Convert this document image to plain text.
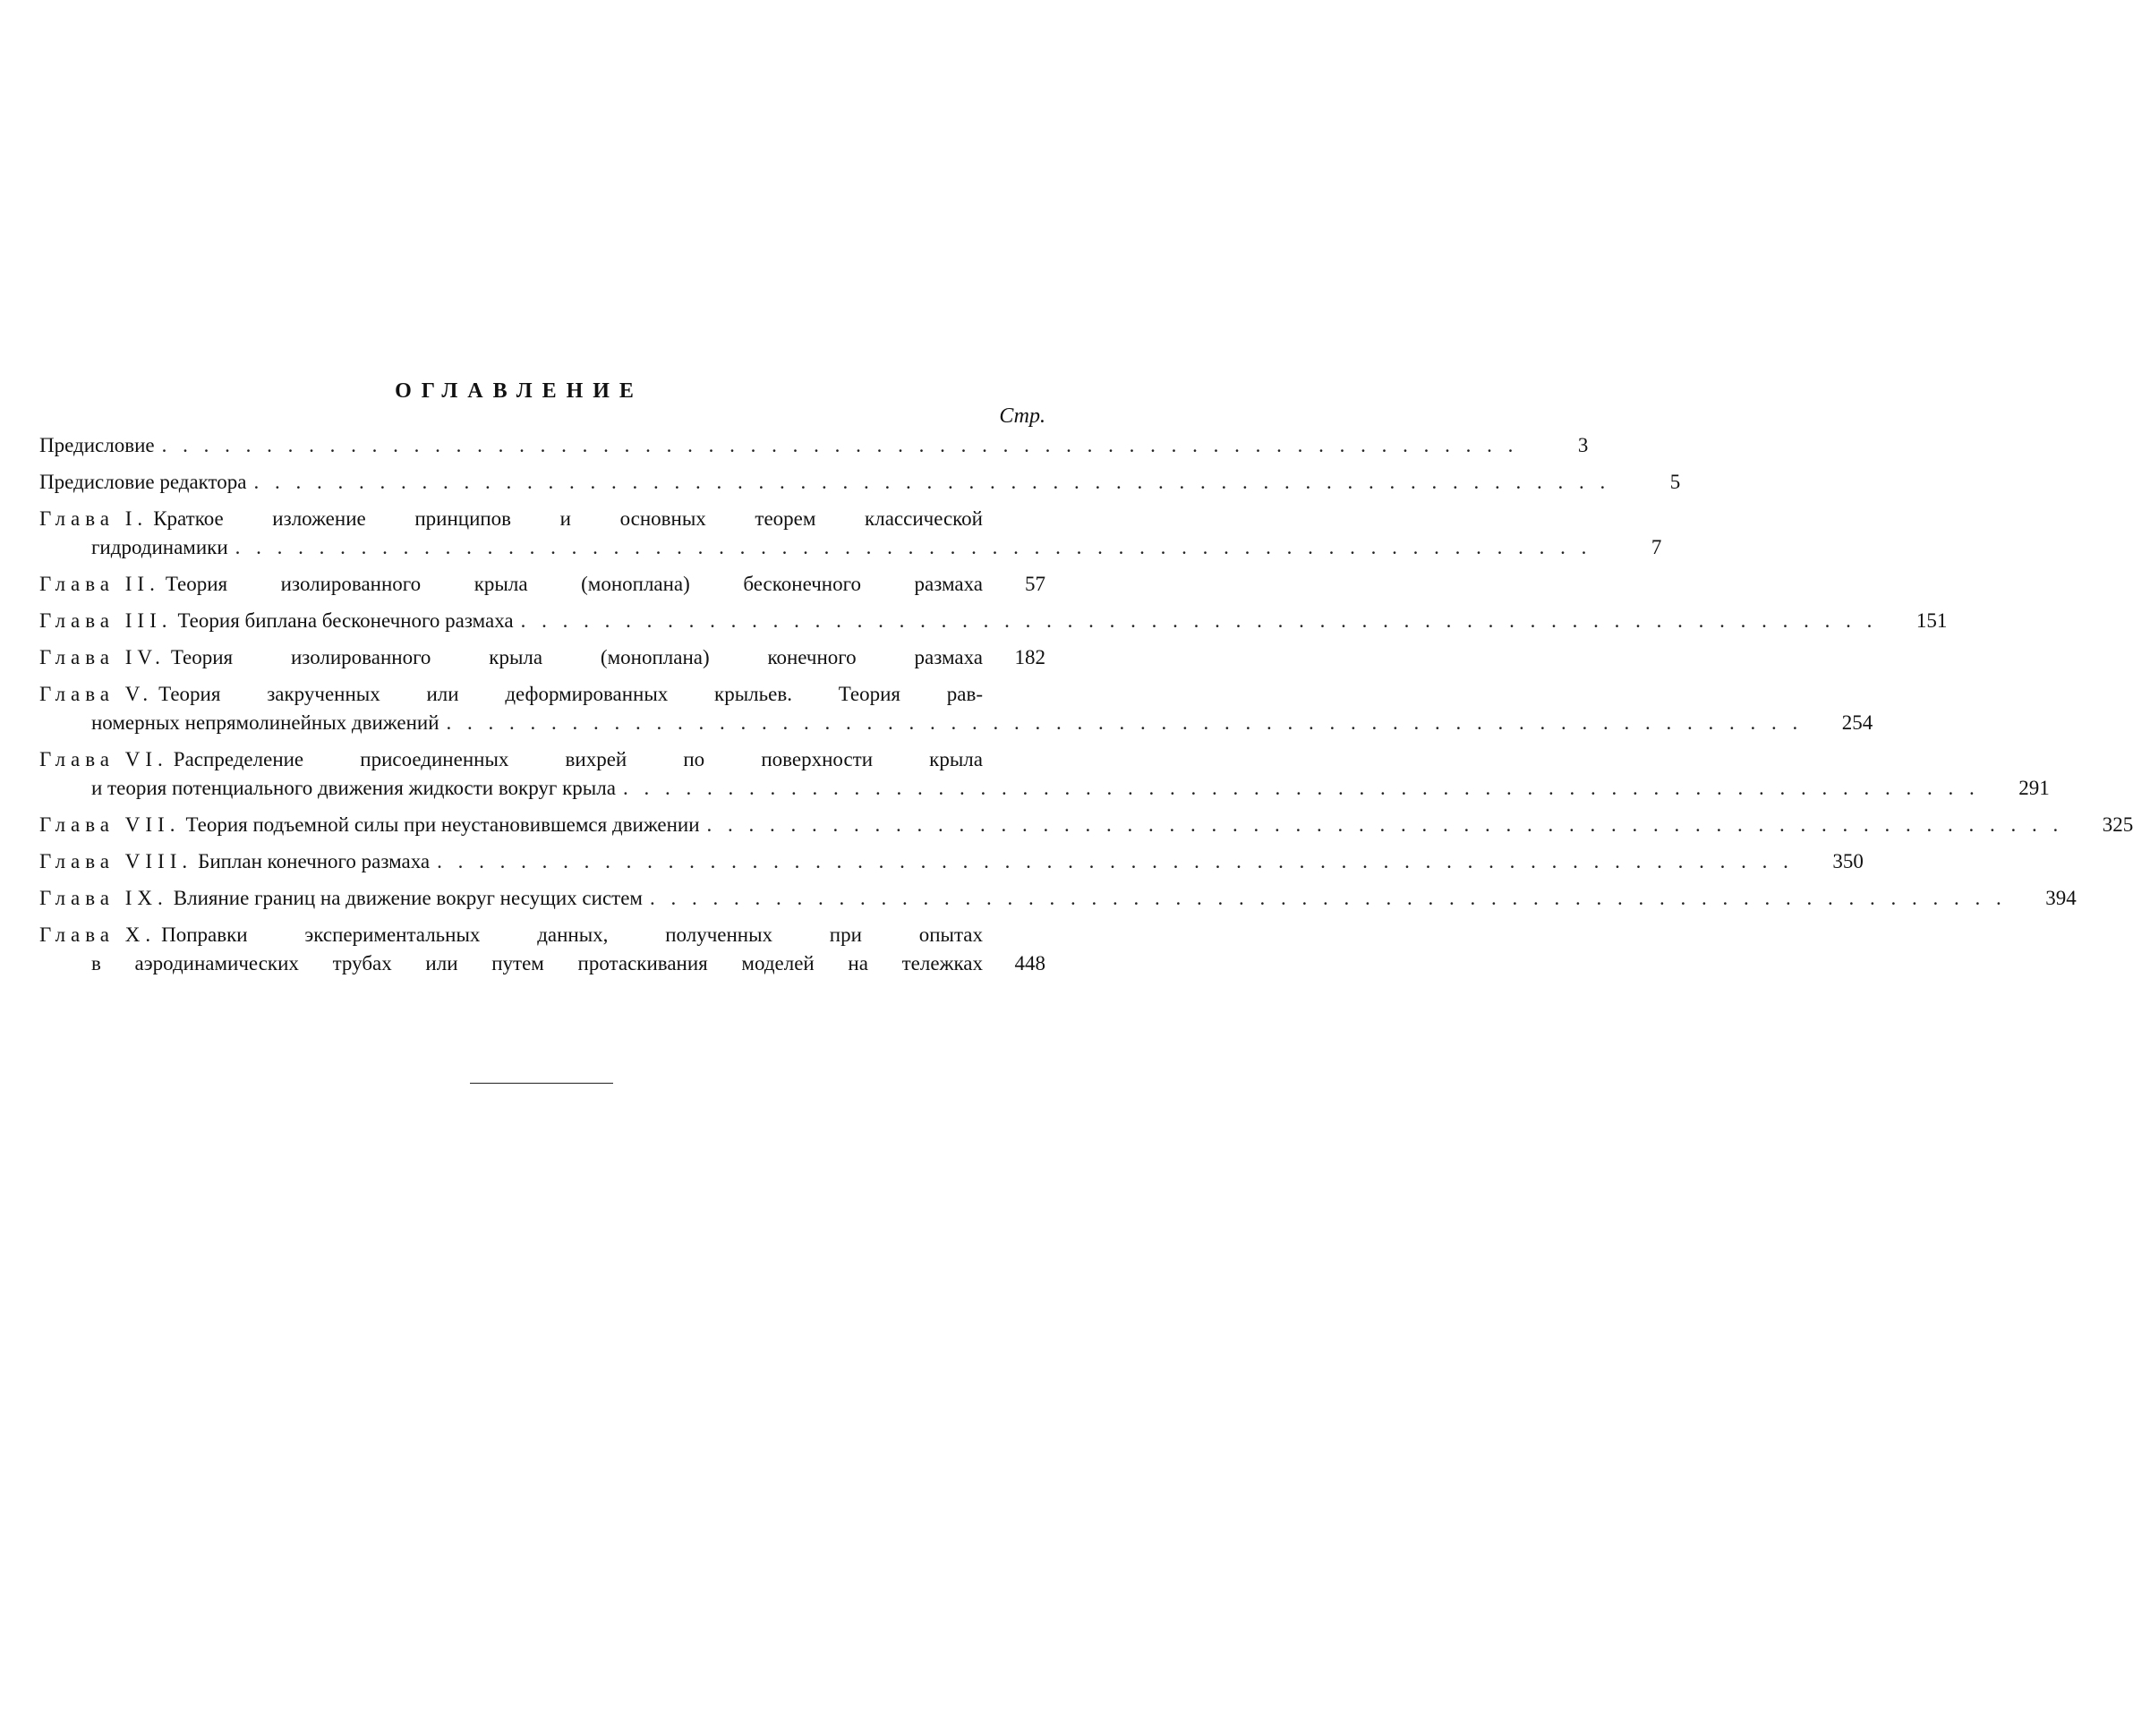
ОГЛАВЛЕНИЕ
Стр.
Предисловие . . .	3
Предисловие редактора . . .	5
Глава I. Краткое изложение принципов и основных теорем классической
гидродинамики . . .	7
Глава II. Теория изолированного крыла (моноплана) бесконечного размаха	57
Глава III. Теория биплана бесконечного размаха . . .	151
Глава IV. Теория изолированного крыла (моноплана) конечного размаха	182
Глава V. Теория закрученных или деформированных крыльев. Теория рав-
номерных непрямолинейных движений . . .	254
Глава VI. Распределение присоединенных вихрей по поверхности крыла
и теория потенциального движения жидкости вокруг крыла . . .	291
Глава VII. Теория подъемной силы при неустановившемся движении . . .	325
Глава VIII. Биплан конечного размаха . . .	350
Глава IX. Влияние границ на движение вокруг несущих систем . . .	394
Глава X. Поправки экспериментальных данных, полученных при опытах
в аэродинамических трубах или путем протаскивания моделей на тележках	448
